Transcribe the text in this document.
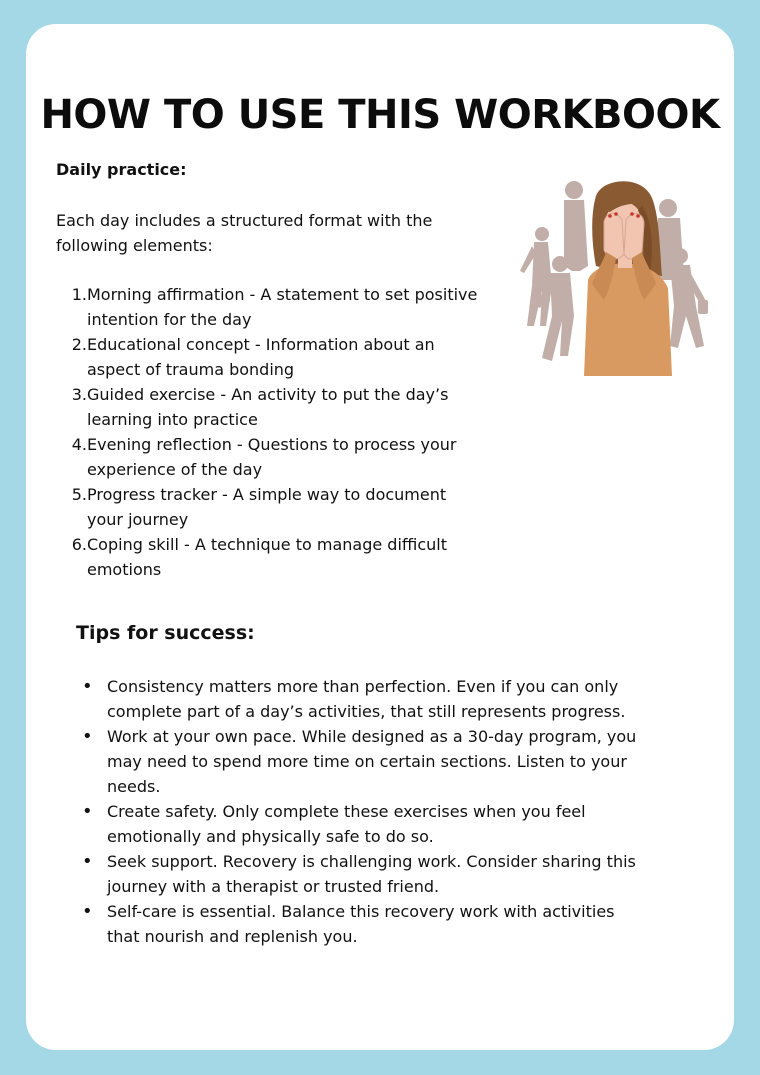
HOW TO USE THIS WORKBOOK
Daily practice:

Each day includes a structured format with the following elements:

1. Morning affirmation - A statement to set positive intention for the day
2. Educational concept - Information about an aspect of trauma bonding
3. Guided exercise - An activity to put the day’s learning into practice
4. Evening reflection - Questions to process your experience of the day
5. Progress tracker - A simple way to document your journey
6. Coping skill - A technique to manage difficult emotions
Tips for success:
• Consistency matters more than perfection. Even if you can only complete part of a day’s activities, that still represents progress.
• Work at your own pace. While designed as a 30-day program, you may need to spend more time on certain sections. Listen to your needs.
• Create safety. Only complete these exercises when you feel emotionally and physically safe to do so.
• Seek support. Recovery is challenging work. Consider sharing this journey with a therapist or trusted friend.
• Self-care is essential. Balance this recovery work with activities that nourish and replenish you.
